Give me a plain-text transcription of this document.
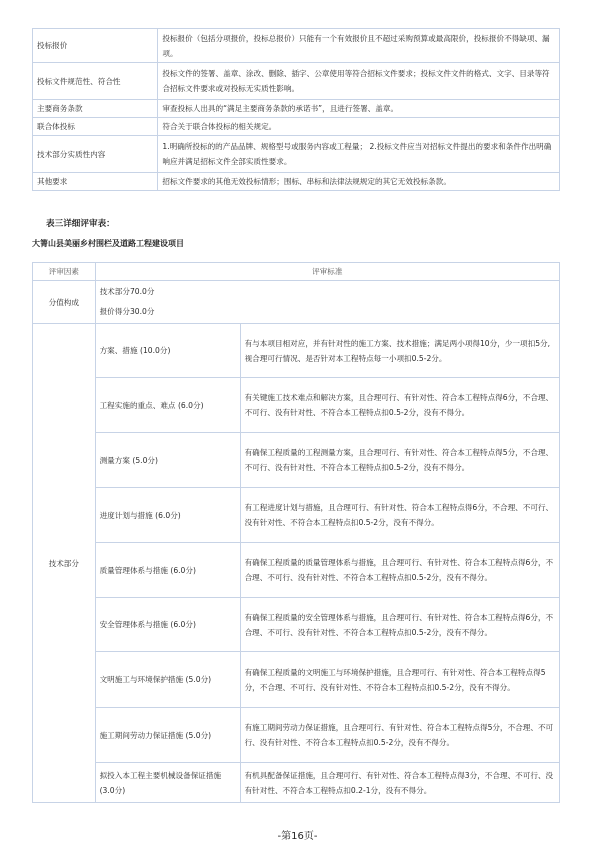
投标报价	投标报价（包括分项报价，投标总报价）只能有一个有效报价且不超过采购预算或最高限价，投标报价不得缺项、漏项。
投标文件规范性、符合性	投标文件的签署、盖章、涂改、删除、插字、公章使用等符合招标文件要求；投标文件文件的格式、文字、目录等符合招标文件要求或对投标无实质性影响。
主要商务条款	审查投标人出具的“满足主要商务条款的承诺书”，且进行签署、盖章。
联合体投标	符合关于联合体投标的相关规定。
技术部分实质性内容	1.明确所投标的的产品品牌、规格型号或服务内容或工程量； 2.投标文件应当对招标文件提出的要求和条件作出明确响应并满足招标文件全部实质性要求。
其他要求	招标文件要求的其他无效投标情形；围标、串标和法律法规规定的其它无效投标条款。
表三详细评审表：
大箐山县美丽乡村围栏及道路工程建设项目
评审因素	评审标准	
分值构成	技术部分70.0分
报价得分30.0分	

技术部分	方案、措施 (10.0分)	有与本项目相对应，并有针对性的施工方案、技术措施；满足两小项得10分，少一项扣5分,视合理可行情况、是否针对本工程特点每一小项扣0.5-2分。
	工程实施的重点、难点 (6.0分)	有关键施工技术难点和解决方案，且合理可行、有针对性、符合本工程特点得6分，不合理、不可行、没有针对性、不符合本工程特点扣0.5-2分，没有不得分。
	测量方案 (5.0分)	有确保工程质量的工程测量方案，且合理可行、有针对性、符合本工程特点得5分，不合理、不可行、没有针对性、不符合本工程特点扣0.5-2分，没有不得分。
	进度计划与措施 (6.0分)	有工程进度计划与措施，且合理可行、有针对性、符合本工程特点得6分，不合理、不可行、没有针对性、不符合本工程特点扣0.5-2分，没有不得分。
	质量管理体系与措施 (6.0分)	有确保工程质量的质量管理体系与措施，且合理可行、有针对性、符合本工程特点得6分，不合理、不可行、没有针对性、不符合本工程特点扣0.5-2分，没有不得分。
	安全管理体系与措施 (6.0分)	有确保工程质量的安全管理体系与措施，且合理可行、有针对性、符合本工程特点得6分，不合理、不可行、没有针对性、不符合本工程特点扣0.5-2分，没有不得分。
	文明施工与环境保护措施 (5.0分)	有确保工程质量的文明施工与环境保护措施，且合理可行、有针对性、符合本工程特点得5分，不合理、不可行、没有针对性、不符合本工程特点扣0.5-2分，没有不得分。
	施工期间劳动力保证措施 (5.0分)	有施工期间劳动力保证措施，且合理可行、有针对性、符合本工程特点得5分，不合理、不可行、没有针对性、不符合本工程特点扣0.5-2分，没有不得分。
	拟投入本工程主要机械设备保证措施 (3.0分)	有机具配备保证措施，且合理可行、有针对性、符合本工程特点得3分，不合理、不可行、没有针对性、不符合本工程特点扣0.2-1分，没有不得分。
-第16页-
